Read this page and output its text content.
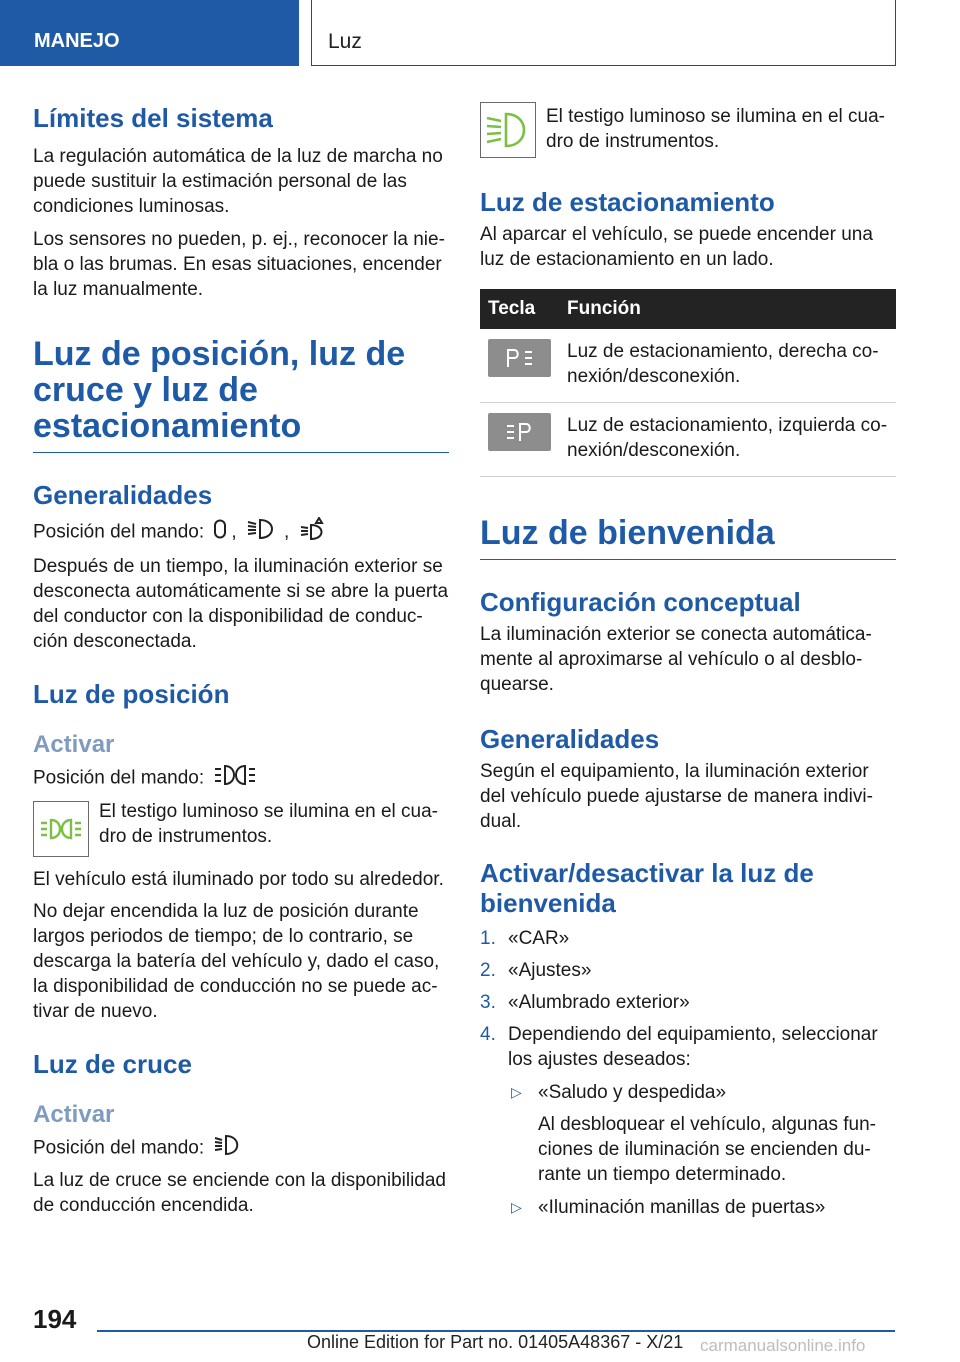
MANEJO	Luz
Límites del sistema
La regulación automática de la luz de marcha no puede sustituir la estimación personal de las condiciones luminosas.
Los sensores no pueden, p. ej., reconocer la nie‐bla o las brumas. En esas situaciones, encender la luz manualmente.
Luz de posición, luz de cruce y luz de estacionamiento
Generalidades
Posición del mando: , ,
Después de un tiempo, la iluminación exterior se desconecta automáticamente si se abre la puerta del conductor con la disponibilidad de conduc‐ción desconectada.
Luz de posición
Activar
Posición del mando:
El testigo luminoso se ilumina en el cua‐dro de instrumentos.
El vehículo está iluminado por todo su alrededor.
No dejar encendida la luz de posición durante largos periodos de tiempo; de lo contrario, se descarga la batería del vehículo y, dado el caso, la disponibilidad de conducción no se puede ac‐tivar de nuevo.
Luz de cruce
Activar
Posición del mando:
La luz de cruce se enciende con la disponibilidad de conducción encendida.
El testigo luminoso se ilumina en el cua‐dro de instrumentos.
Luz de estacionamiento
Al aparcar el vehículo, se puede encender una luz de estacionamiento en un lado.
Tecla	Función

	Luz de estacionamiento, derecha co‐nexión/desconexión.

	Luz de estacionamiento, izquierda co‐nexión/desconexión.
Luz de bienvenida
Configuración conceptual
La iluminación exterior se conecta automática‐mente al aproximarse al vehículo o al desblo‐quearse.
Generalidades
Según el equipamiento, la iluminación exterior del vehículo puede ajustarse de manera indivi‐dual.
Activar/desactivar la luz de bienvenida
1. «CAR»
2. «Ajustes»
3. «Alumbrado exterior»
4. Dependiendo del equipamiento, seleccionar los ajustes deseados:
▷ «Saludo y despedida»
Al desbloquear el vehículo, algunas fun‐ciones de iluminación se encienden du‐rante un tiempo determinado.
▷ «Iluminación manillas de puertas»
194
Online Edition for Part no. 01405A48367 - X/21 carmanualsonline.info
